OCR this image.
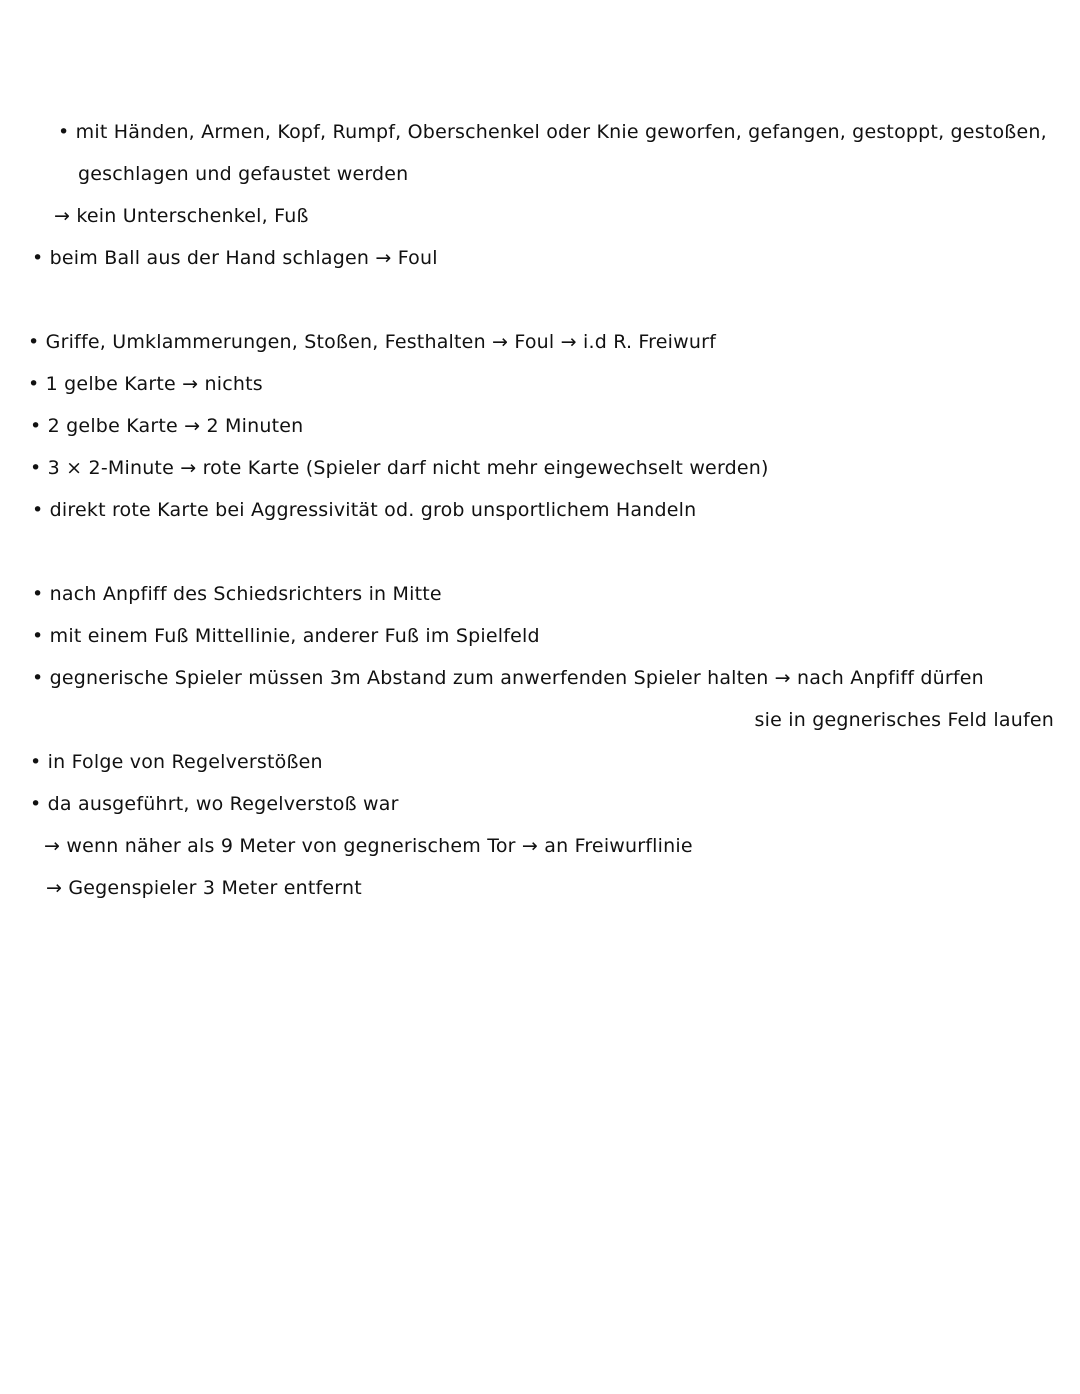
• mit Händen, Armen, Kopf, Rumpf, Oberschenkel oder Knie geworfen, gefangen, gestoppt, gestoßen,
geschlagen und gefaustet werden
→ kein Unterschenkel, Fuß
• beim Ball aus der Hand schlagen → Foul
• Griffe, Umklammerungen, Stoßen, Festhalten → Foul → i.d R. Freiwurf
• 1 gelbe Karte → nichts
• 2 gelbe Karte → 2 Minuten
• 3 × 2-Minute → rote Karte (Spieler darf nicht mehr eingewechselt werden)
• direkt rote Karte bei Aggressivität od. grob unsportlichem Handeln
• nach Anpfiff des Schiedsrichters in Mitte
• mit einem Fuß Mittellinie, anderer Fuß im Spielfeld
• gegnerische Spieler müssen 3m Abstand zum anwerfenden Spieler halten → nach Anpfiff dürfen
sie in gegnerisches Feld laufen
• in Folge von Regelverstößen
• da ausgeführt, wo Regelverstoß war
→ wenn näher als 9 Meter von gegnerischem Tor → an Freiwurflinie
→ Gegenspieler 3 Meter entfernt
